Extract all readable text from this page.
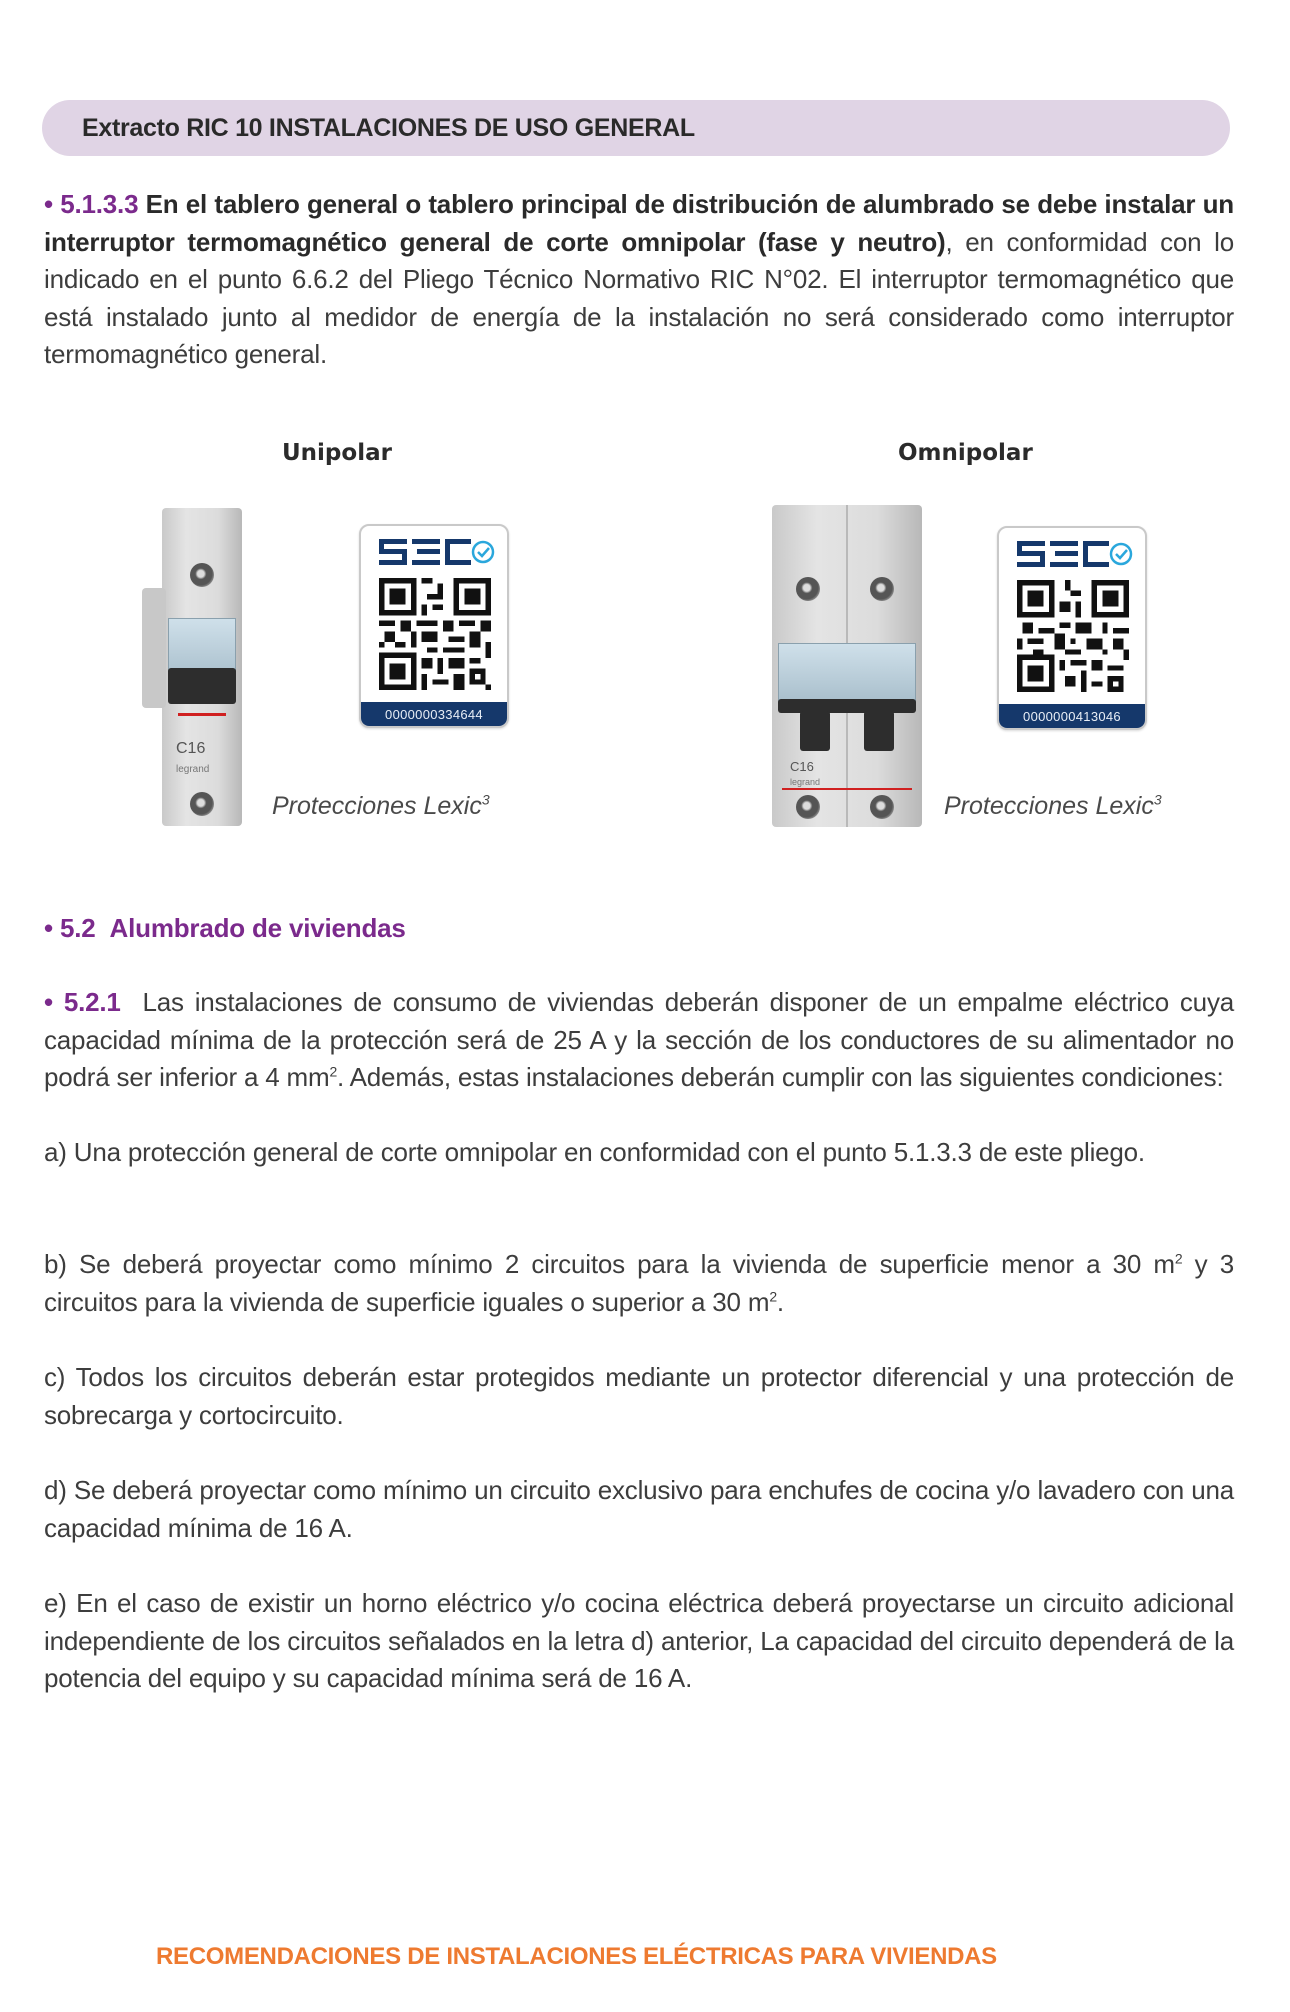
Extracto RIC 10 INSTALACIONES DE USO GENERAL

• 5.1.3.3 En el tablero general o tablero principal de distribución de alumbrado se debe instalar un interruptor termomagnético general de corte omnipolar (fase y neutro), en conformidad con lo indicado en el punto 6.6.2 del Pliego Técnico Normativo RIC N°02. El interruptor termomagnético que está instalado junto al medidor de energía de la instalación no será considerado como interruptor termomagnético general.

Unipolar	Omnipolar
C16
legrand
0000000334644
Protecciones Lexic$^3$
C16
legrand
0000000413046
Protecciones Lexic$^3$
• 5.2 Alumbrado de viviendas

• 5.2.1 Las instalaciones de consumo de viviendas deberán disponer de un empalme eléctrico cuya capacidad mínima de la protección será de 25 A y la sección de los conductores de su alimentador no podrá ser inferior a 4 $mm^2$. Además, estas instalaciones deberán cumplir con las siguientes condiciones:

a) Una protección general de corte omnipolar en conformidad con el punto 5.1.3.3 de este pliego.

b) Se deberá proyectar como mínimo 2 circuitos para la vivienda de superficie menor a 30 $m^2$ y 3 circuitos para la vivienda de superficie iguales o superior a 30 $m^2$.

c) Todos los circuitos deberán estar protegidos mediante un protector diferencial y una protección de sobrecarga y cortocircuito.

d) Se deberá proyectar como mínimo un circuito exclusivo para enchufes de cocina y/o lavadero con una capacidad mínima de 16 A.

e) En el caso de existir un horno eléctrico y/o cocina eléctrica deberá proyectarse un circuito adicional independiente de los circuitos señalados en la letra d) anterior, La capacidad del circuito dependerá de la potencia del equipo y su capacidad mínima será de 16 A.

RECOMENDACIONES DE INSTALACIONES ELÉCTRICAS PARA VIVIENDAS
